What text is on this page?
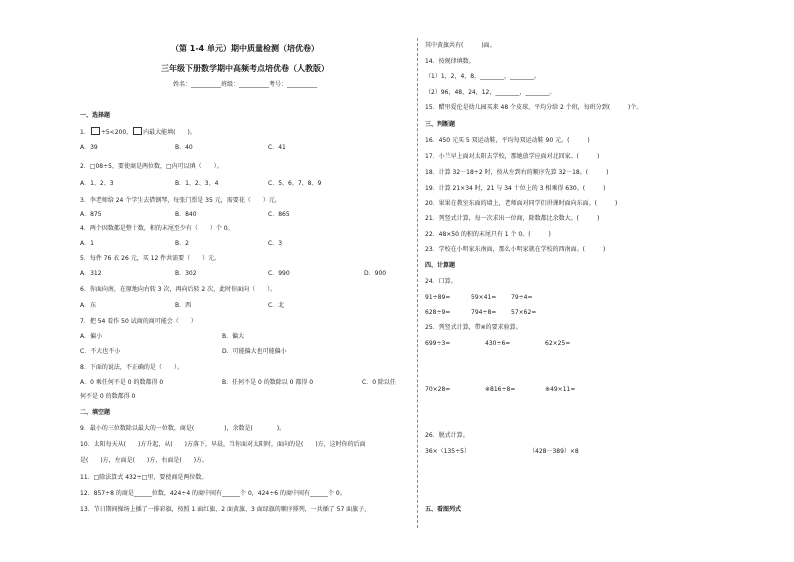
（第 1-4 单元）期中质量检测（培优卷）
三年级下册数学期中高频考点培优卷（人教版）
姓名：__________班级：__________考号：__________
一、选择题
1． ÷5<200， 内最大能填(　　)。
A．39	B．40	C．41
2．□08÷5，要使商是两位数，□内可以填（　　）。
A．1、2、3	B．1、2、3、4	C．5、6、7、8、9
3．李老师给 24 个学生去借钢琴，每张门票是 35 元，需要花（　　）元。
A．875	B．840	C．865
4．两个因数都是整十数，积的末尾至少有（　　）个 0。
A．1	B．2	C．3
5．每件 76 衣 26 元，买 12 件共需要（　　）元。
A．312	B．302	C．990	D．900
6．你面向南，在原地向右转 3 次，再向后转 2 次，此时你面向（　　）。
A．东	B．西	C．北
7．把 54 看作 50 试商的商可能会（　　）
A．偏小	B．偏大
C．不大也不小	D．可能偏大也可能偏小
8．下面的说法，不正确的是（　　）。
A．0 乘任何不是 0 的数都得 0	B．任何不是 0 的数除以 0 都得 0	C．0 除以任
何不是 0 的数都得 0
二、填空题
9．最小的三位数除以最大的一位数，商是(　　　　　)，余数是(　　　　)。
10．太阳每天从(　　)方升起，从(　　)方落下，早晨，当你面对太阳时，面向的是(　　)方，这时你的后面
是(　　)方，左面是(　　)方，右面是(　　)方。
11．□除法算式 432÷□里，要使商是两位数。
12．857÷8 的商是______位数，424÷4 的商中间有______个 0，424÷6 的商中间有______个 0。
13．节日期间操场上插了一排彩旗，按照 1 面红旗、2 面黄旗、3 面绿旗的顺序排列，一共插了 57 面旗子，
其中黄旗共有(　　　)面。
14．按规律填数。
（1）1，2，4，8，________，________。
（2）96，48，24，12，________，________。
15．醋里爱伦是幼儿园买来 48 个皮球，平均分给 2 个班，每班分到(　　　)个。
三、判断题
16．450 元买 5 双运动鞋，平均每双运动鞋 90 元。(　　　)
17．小兰早上面对太阳去学校，那她放学应面对北回家。(　　　)
18．计算 32－18÷2 时，按从左到右的顺序先算 32－18。(　　　)
19．计算 21×34 时，21 与 34 十位上的 3 相乘得 630。(　　　)
20．果果在教室东面的墙上，老师面对同学们讲课时面向东面。(　　　)
21．列竖式计算，每一次求出一位商，除数都比余数大。(　　　)
22．48×50 的积的末尾只有 1 个 0。(　　　)
23．学校在小明家东南面，那么小明家就在学校的西南面。(　　　)
四、计算题
24．口算。
91÷89=	59×41= 79÷4=
628÷9=	794÷8= 57×62=
25．列竖式计算，带※的要求验算。
699÷3=	430÷6=	62×25=
70×28=	※816÷8=	※49×11=
26．脱式计算。
36×（135÷5）	（428－389）×8
五、看图列式
